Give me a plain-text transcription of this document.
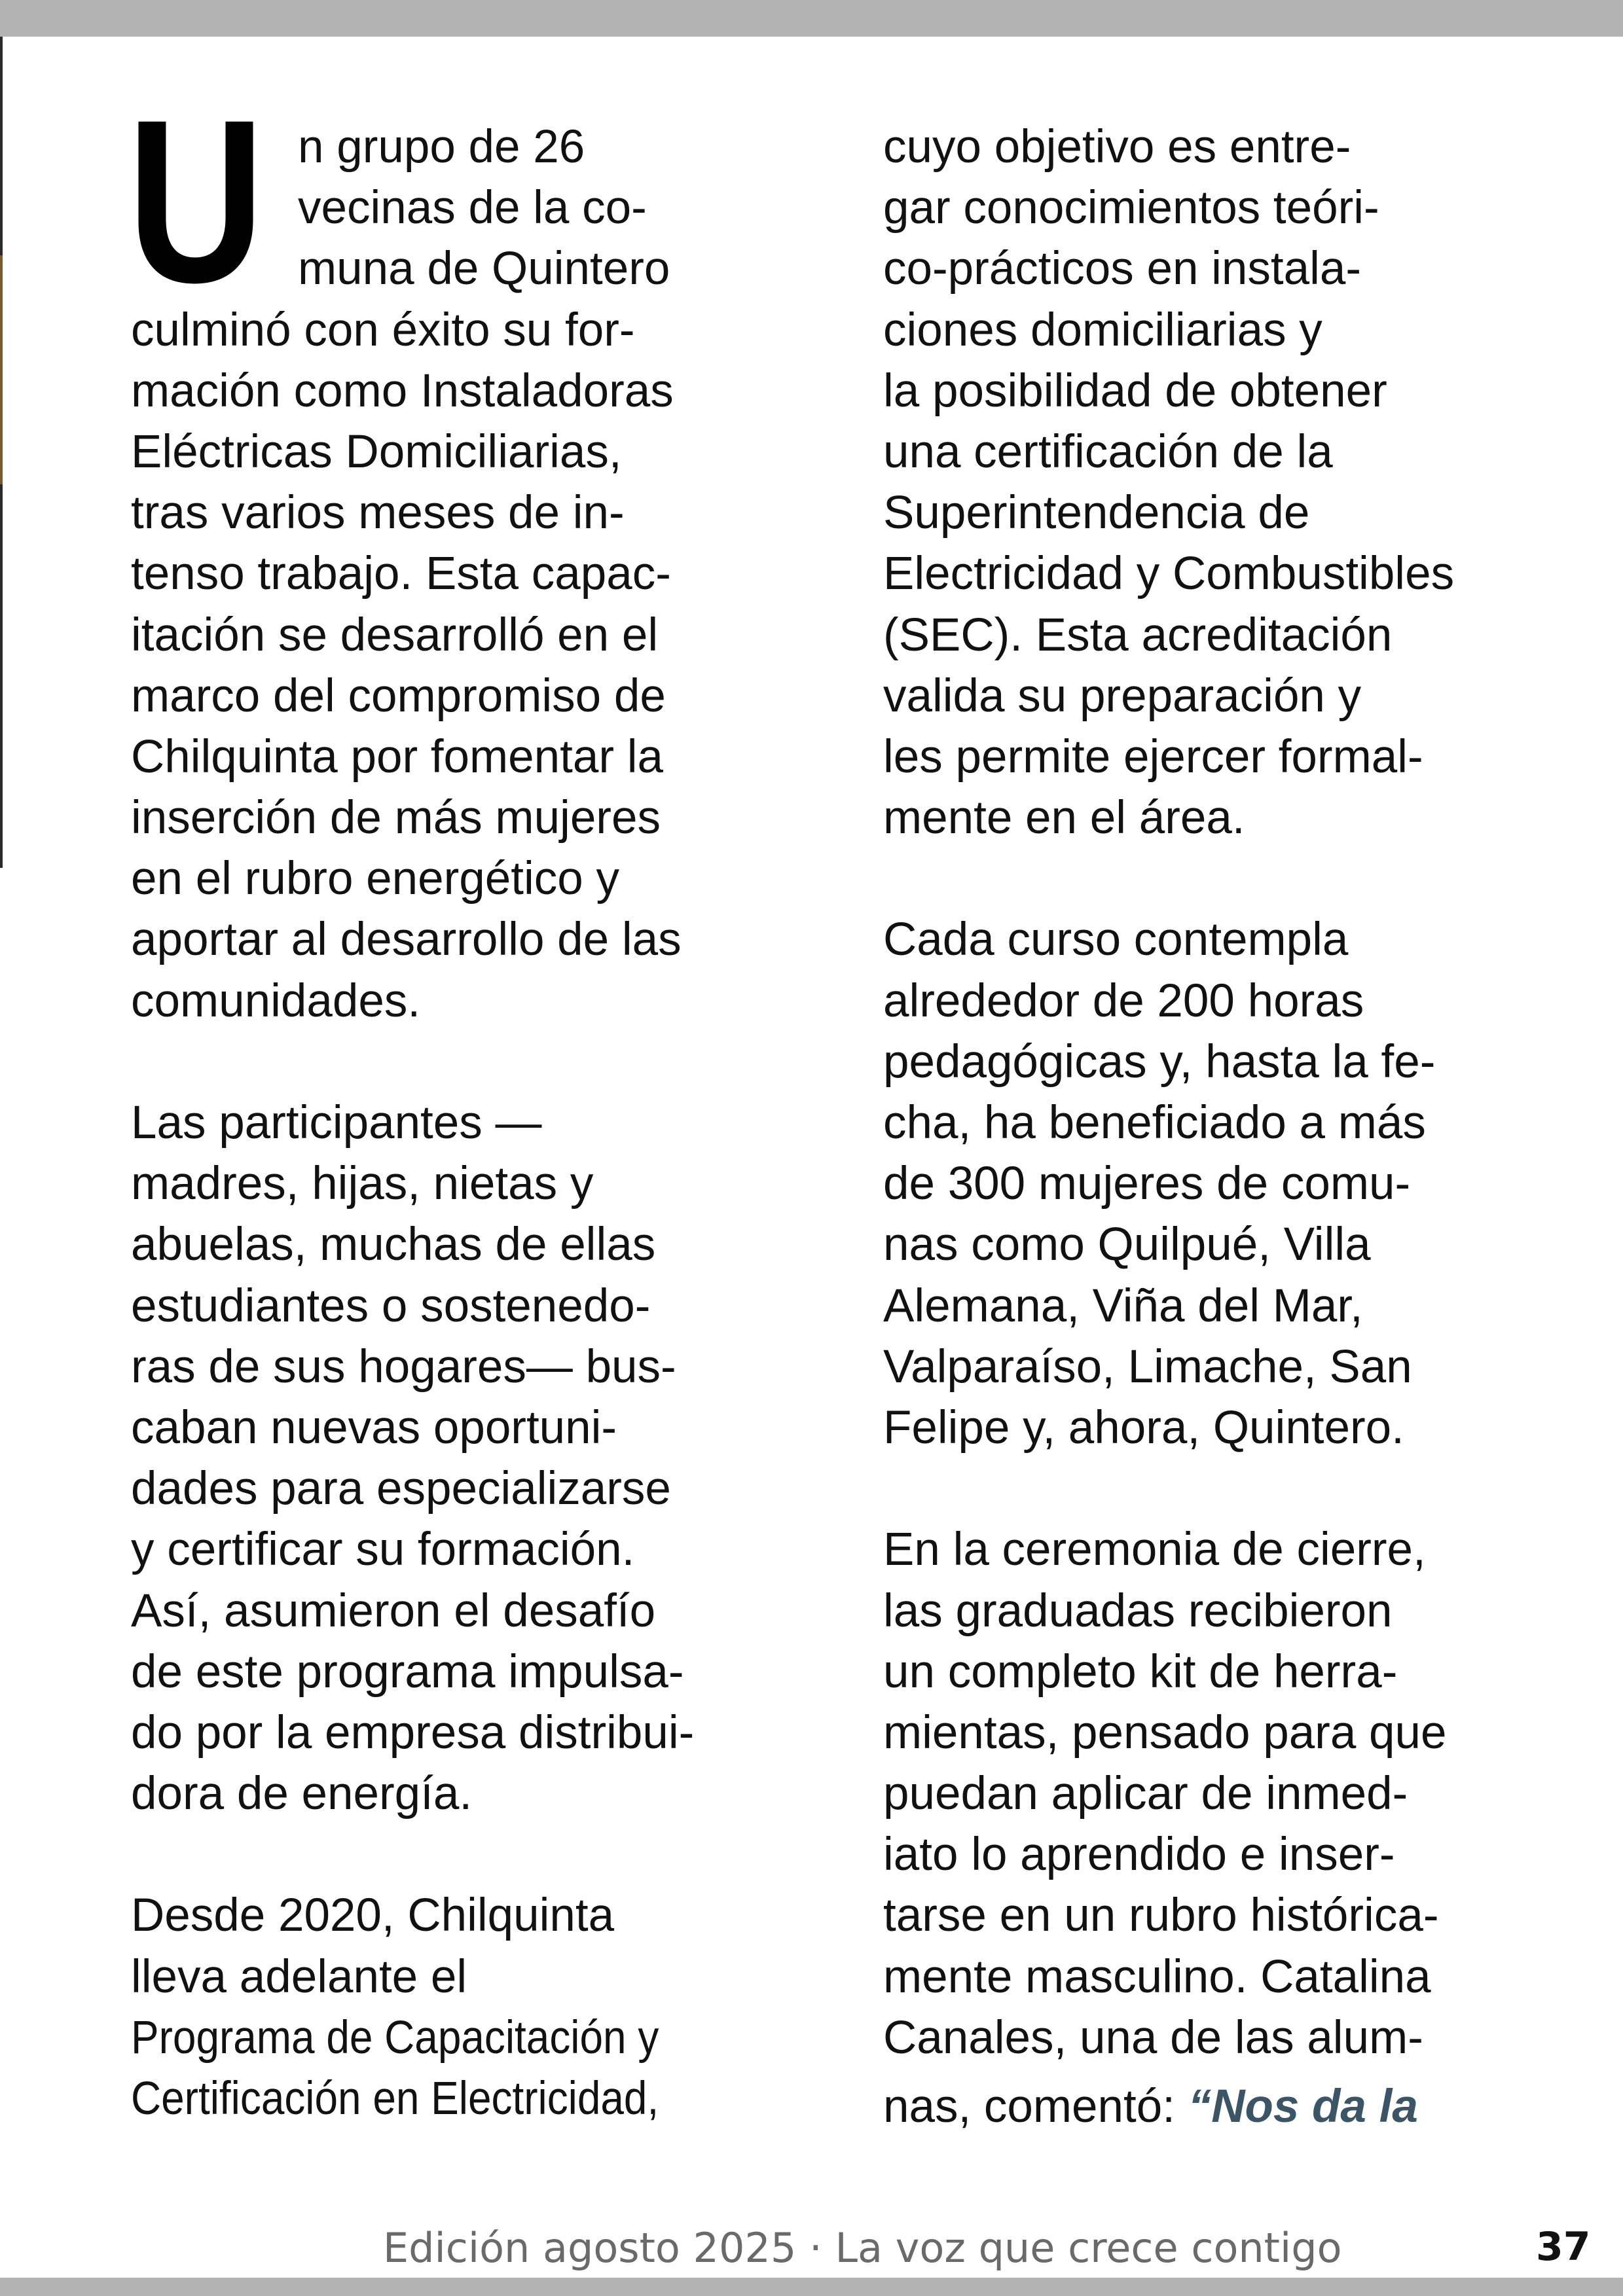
U n grupo de 26
vecinas de la co-
muna de Quintero
culminó con éxito su for-
mación como Instaladoras
Eléctricas Domiciliarias,
tras varios meses de in-
tenso trabajo. Esta capac-
itación se desarrolló en el
marco del compromiso de
Chilquinta por fomentar la
inserción de más mujeres
en el rubro energético y
aportar al desarrollo de las
comunidades.
Las participantes —
madres, hijas, nietas y
abuelas, muchas de ellas
estudiantes o sostenedo-
ras de sus hogares— bus-
caban nuevas oportuni-
dades para especializarse
y certificar su formación.
Así, asumieron el desafío
de este programa impulsa-
do por la empresa distribui-
dora de energía.
Desde 2020, Chilquinta
lleva adelante el
Programa de Capacitación y
Certificación en Electricidad,
cuyo objetivo es entre-
gar conocimientos teóri-
co-prácticos en instala-
ciones domiciliarias y
la posibilidad de obtener
una certificación de la
Superintendencia de
Electricidad y Combustibles
(SEC). Esta acreditación
valida su preparación y
les permite ejercer formal-
mente en el área.
Cada curso contempla
alrededor de 200 horas
pedagógicas y, hasta la fe-
cha, ha beneficiado a más
de 300 mujeres de comu-
nas como Quilpué, Villa
Alemana, Viña del Mar,
Valparaíso, Limache, San
Felipe y, ahora, Quintero.
En la ceremonia de cierre,
las graduadas recibieron
un completo kit de herra-
mientas, pensado para que
puedan aplicar de inmed-
iato lo aprendido e inser-
tarse en un rubro histórica-
mente masculino. Catalina
Canales, una de las alum-
nas, comentó: “Nos da la
Edición agosto 2025 · La voz que crece contigo	37
